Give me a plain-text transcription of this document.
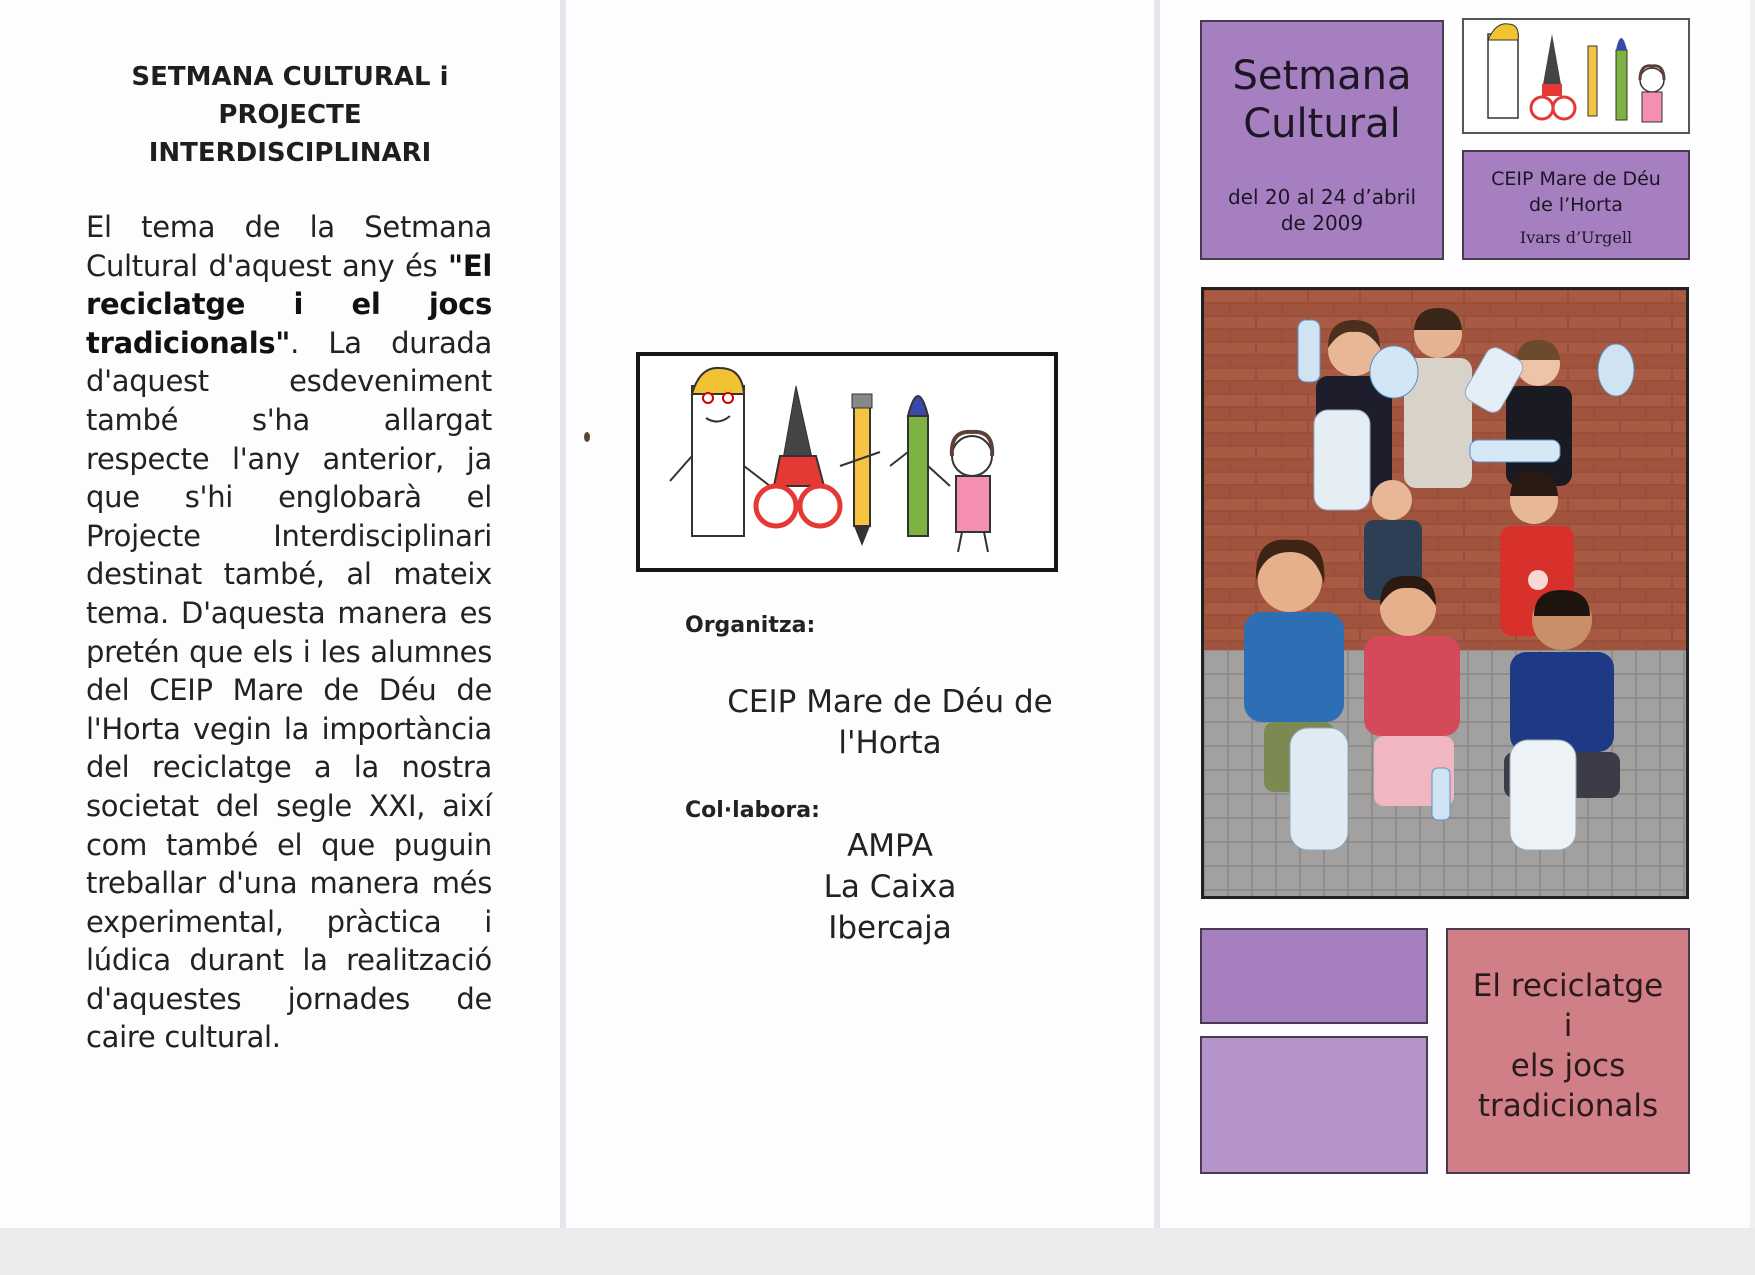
SETMANA CULTURAL i
PROJECTE
INTERDISCIPLINARI
El tema de la Setmana Cultural d'aquest any és "El reciclatge i el jocs tradicionals". La durada d'aquest esdeveniment també s'ha allargat respecte l'any anterior, ja que s'hi englobarà el Projecte Interdisciplinari destinat també, al mateix tema. D'aquesta manera es pretén que els i les alumnes del CEIP Mare de Déu de l'Horta vegin la importància del reciclatge a la nostra societat del segle XXI, així com també el que puguin treballar d'una manera més experimental, pràctica i lúdica durant la realització d'aquestes jornades de caire cultural.
Organitza:
CEIP Mare de Déu de l'Horta
Col·labora:
AMPA
La Caixa
Ibercaja
Setmana
Cultural
del 20 al 24 d’abril
de 2009
CEIP Mare de Déu
de l’Horta
Ivars d’Urgell
El reciclatge
i
els jocs
tradicionals
